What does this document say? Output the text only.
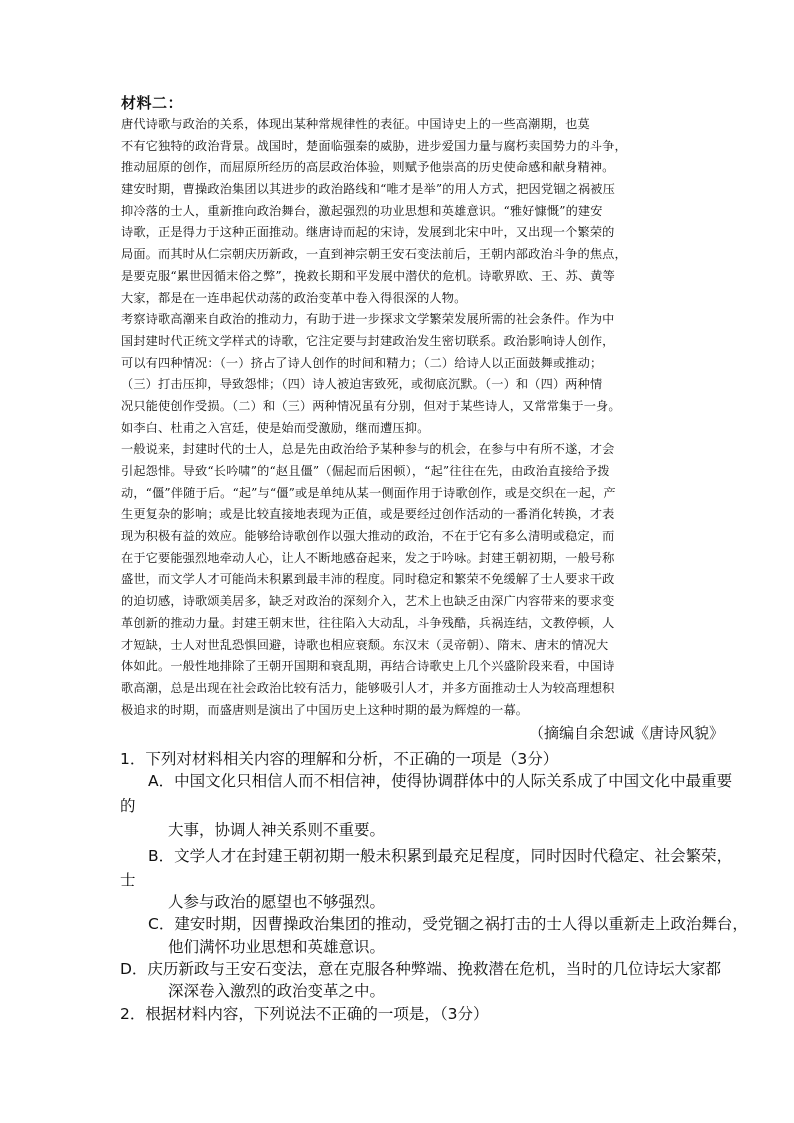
材料二：
唐代诗歌与政治的关系，体现出某种常规律性的表征。中国诗史上的一些高潮期，也莫
不有它独特的政治背景。战国时，楚面临强秦的威胁，进步爱国力量与腐朽卖国势力的斗争，
推动屈原的创作，而屈原所经历的高层政治体验，则赋予他崇高的历史使命感和献身精神。
建安时期，曹操政治集团以其进步的政治路线和“唯才是举”的用人方式，把因党锢之祸被压
抑冷落的士人，重新推向政治舞台，激起强烈的功业思想和英雄意识。“雅好慷慨”的建安
诗歌，正是得力于这种正面推动。继唐诗而起的宋诗，发展到北宋中叶，又出现一个繁荣的
局面。而其时从仁宗朝庆历新政，一直到神宗朝王安石变法前后，王朝内部政治斗争的焦点，
是要克服“累世因循末俗之弊”，挽救长期和平发展中潜伏的危机。诗歌界欧、王、苏、黄等
大家，都是在一连串起伏动荡的政治变革中卷入得很深的人物。
考察诗歌高潮来自政治的推动力，有助于进一步探求文学繁荣发展所需的社会条件。作为中
国封建时代正统文学样式的诗歌，它注定要与封建政治发生密切联系。政治影响诗人创作，
可以有四种情况：（一）挤占了诗人创作的时间和精力；（二）给诗人以正面鼓舞或推动；
（三）打击压抑，导致怨悱；（四）诗人被迫害致死，或彻底沉默。（一）和（四）两种情
况只能使创作受损。（二）和（三）两种情况虽有分别，但对于某些诗人，又常常集于一身。
如李白、杜甫之入宫廷，使是始而受激励，继而遭压抑。
一般说来，封建时代的士人，总是先由政治给予某种参与的机会，在参与中有所不遂，才会
引起怨悱。导致“长吟啸”的“赵且僵”（倔起而后困顿），“起”往往在先，由政治直接给予拨
动，“僵”伴随于后。“起”与“僵”或是单纯从某一侧面作用于诗歌创作，或是交织在一起，产
生更复杂的影响；或是比较直接地表现为正值，或是要经过创作活动的一番消化转换，才表
现为积极有益的效应。能够给诗歌创作以强大推动的政治，不在于它有多么清明或稳定，而
在于它要能强烈地牵动人心，让人不断地感奋起来，发之于吟咏。封建王朝初期，一般号称
盛世，而文学人才可能尚未积累到最丰沛的程度。同时稳定和繁荣不免缓解了士人要求干政
的迫切感，诗歌颂美居多，缺乏对政治的深刻介入，艺术上也缺乏由深广内容带来的要求变
革创新的推动力量。封建王朝末世，往往陷入大动乱，斗争残酷，兵祸连结，文教停顿，人
才短缺，士人对世乱恐惧回避，诗歌也相应衰颓。东汉末（灵帝朝）、隋末、唐末的情况大
体如此。一般性地排除了王朝开国期和衰乱期，再结合诗歌史上几个兴盛阶段来看，中国诗
歌高潮，总是出现在社会政治比较有活力，能够吸引人才，并多方面推动士人为较高理想积
极追求的时期，而盛唐则是演出了中国历史上这种时期的最为辉煌的一幕。
（摘编自余恕诚《唐诗风貌》
1．下列对材料相关内容的理解和分析，不正确的一项是（3分）
A．中国文化只相信人而不相信神，使得协调群体中的人际关系成了中国文化中最重要
的
大事，协调人神关系则不重要。
B．文学人才在封建王朝初期一般未积累到最充足程度，同时因时代稳定、社会繁荣，
士
人参与政治的愿望也不够强烈。
C．建安时期，因曹操政治集团的推动，受党锢之祸打击的士人得以重新走上政治舞台，
他们满怀功业思想和英雄意识。
D．庆历新政与王安石变法，意在克服各种弊端、挽救潜在危机，当时的几位诗坛大家都
深深卷入激烈的政治变革之中。
2．根据材料内容，下列说法不正确的一项是，（3分）
